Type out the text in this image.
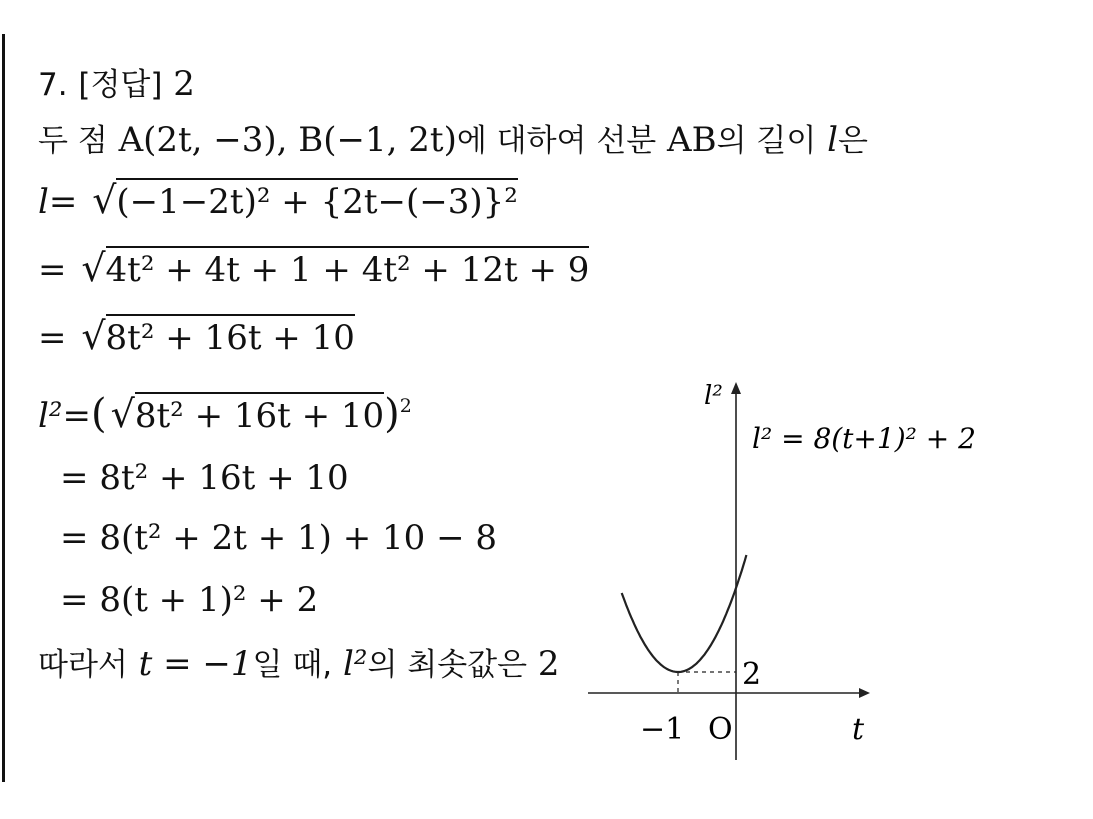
7. [정답] 2
두 점 A(2t, −3), B(−1, 2t)에 대하여 선분 AB의 길이 l은
l= √(−1−2t)² + {2t−(−3)}²
= √4t² + 4t + 1 + 4t² + 12t + 9
= √8t² + 16t + 10
l²=( √8t² + 16t + 10)$^2$
= 8t² + 16t + 10
= 8(t² + 2t + 1) + 10 − 8
= 8(t + 1)² + 2
따라서 t = −1일 때, l²의 최솟값은 2
−1 O
2
t
l²
l² = 8(t+1)² + 2
